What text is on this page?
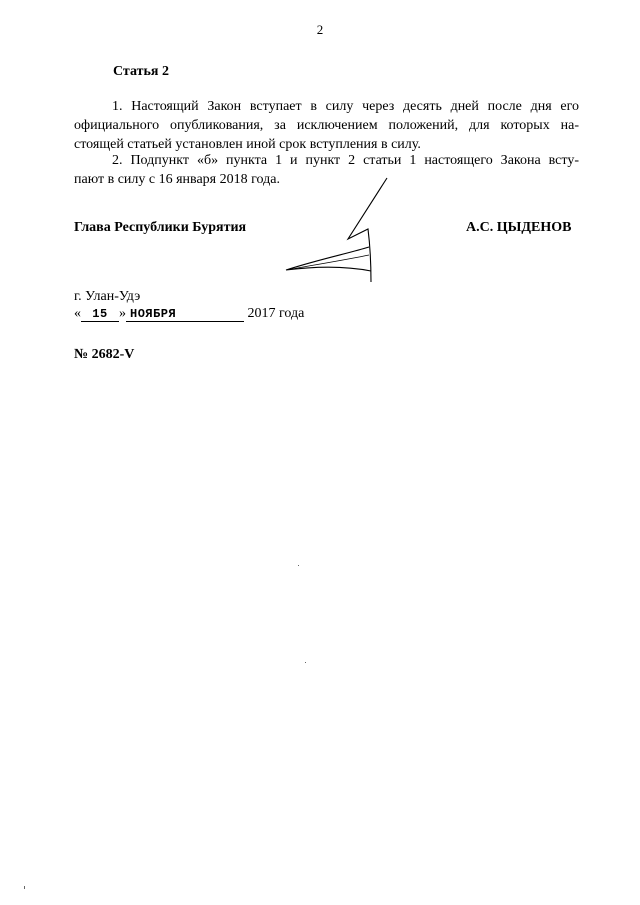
2
Статья 2
1. Настоящий Закон вступает в силу через десять дней после дня его
официального опубликования, за исключением положений, для которых на-
стоящей статьей установлен иной срок вступления в силу.
2. Подпункт «б» пункта 1 и пункт 2 статьи 1 настоящего Закона всту-
пают в силу с 16 января 2018 года.
Глава Республики Бурятия	А.С. ЦЫДЕНОВ
г. Улан-Удэ
« 15 » НОЯБРЯ	2017 года
№ 2682-V
